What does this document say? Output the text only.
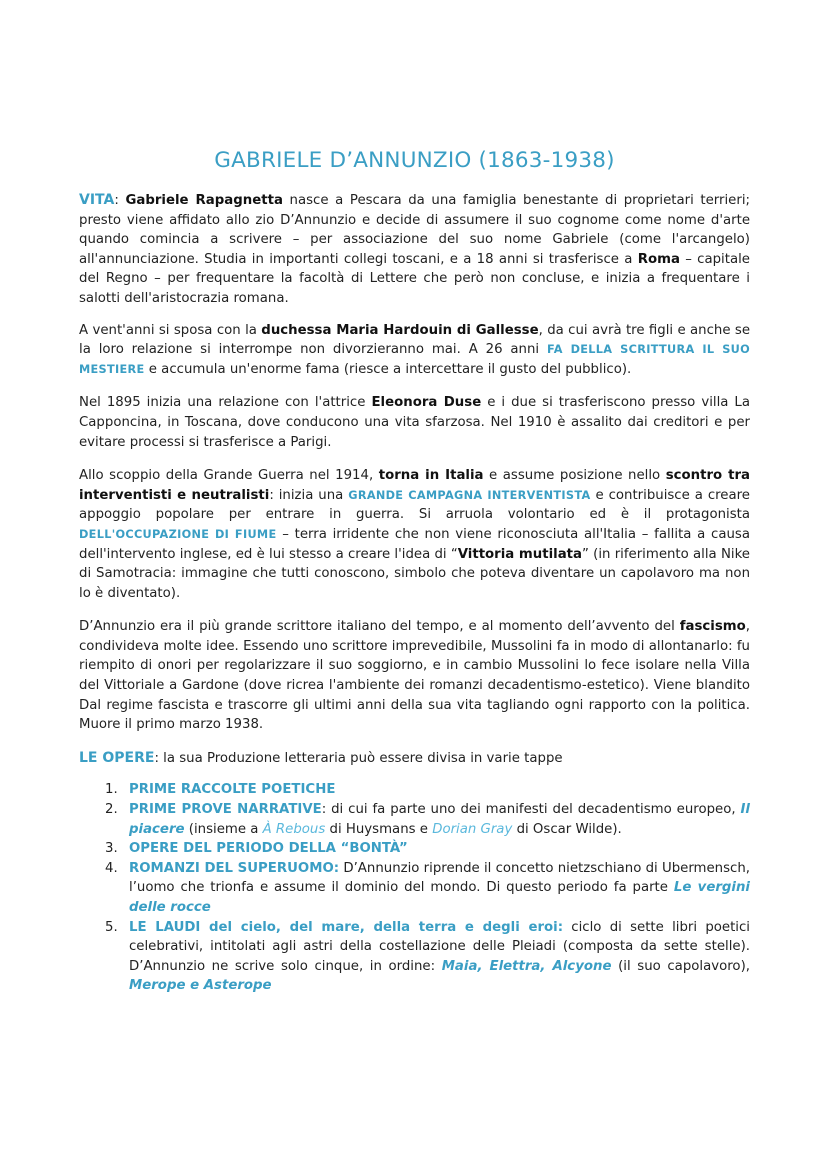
GABRIELE D’ANNUNZIO (1863-1938)

VITA: Gabriele Rapagnetta nasce a Pescara da una famiglia benestante di proprietari terrieri; presto viene affidato allo zio D’Annunzio e decide di assumere il suo cognome come nome d'arte quando comincia a scrivere – per associazione del suo nome Gabriele (come l'arcangelo) all'annunciazione. Studia in importanti collegi toscani, e a 18 anni si trasferisce a Roma – capitale del Regno – per frequentare la facoltà di Lettere che però non concluse, e inizia a frequentare i salotti dell'aristocrazia romana.

A vent'anni si sposa con la duchessa Maria Hardouin di Gallesse, da cui avrà tre figli e anche se la loro relazione si interrompe non divorzieranno mai. A 26 anni FA DELLA SCRITTURA IL SUO MESTIERE e accumula un'enorme fama (riesce a intercettare il gusto del pubblico).

Nel 1895 inizia una relazione con l'attrice Eleonora Duse e i due si trasferiscono presso villa La Capponcina, in Toscana, dove conducono una vita sfarzosa. Nel 1910 è assalito dai creditori e per evitare processi si trasferisce a Parigi.

Allo scoppio della Grande Guerra nel 1914, torna in Italia e assume posizione nello scontro tra interventisti e neutralisti: inizia una GRANDE CAMPAGNA INTERVENTISTA e contribuisce a creare appoggio popolare per entrare in guerra. Si arruola volontario ed è il protagonista DELL'OCCUPAZIONE DI FIUME – terra irridente che non viene riconosciuta all'Italia – fallita a causa dell'intervento inglese, ed è lui stesso a creare l'idea di “Vittoria mutilata” (in riferimento alla Nike di Samotracia: immagine che tutti conoscono, simbolo che poteva diventare un capolavoro ma non lo è diventato).

D’Annunzio era il più grande scrittore italiano del tempo, e al momento dell’avvento del fascismo, condivideva molte idee. Essendo uno scrittore imprevedibile, Mussolini fa in modo di allontanarlo: fu riempito di onori per regolarizzare il suo soggiorno, e in cambio Mussolini lo fece isolare nella Villa del Vittoriale a Gardone (dove ricrea l'ambiente dei romanzi decadentismo-estetico). Viene blandito Dal regime fascista e trascorre gli ultimi anni della sua vita tagliando ogni rapporto con la politica. Muore il primo marzo 1938.

LE OPERE: la sua Produzione letteraria può essere divisa in varie tappe

1. PRIME RACCOLTE POETICHE
2. PRIME PROVE NARRATIVE: di cui fa parte uno dei manifesti del decadentismo europeo, Il piacere (insieme a À Rebous di Huysmans e Dorian Gray di Oscar Wilde).
3. OPERE DEL PERIODO DELLA “BONTÀ”
4. ROMANZI DEL SUPERUOMO: D’Annunzio riprende il concetto nietzschiano di Ubermensch, l’uomo che trionfa e assume il dominio del mondo. Di questo periodo fa parte Le vergini delle rocce
5. LE LAUDI del cielo, del mare, della terra e degli eroi: ciclo di sette libri poetici celebrativi, intitolati agli astri della costellazione delle Pleiadi (composta da sette stelle). D’Annunzio ne scrive solo cinque, in ordine: Maia, Elettra, Alcyone (il suo capolavoro), Merope e Asterope
